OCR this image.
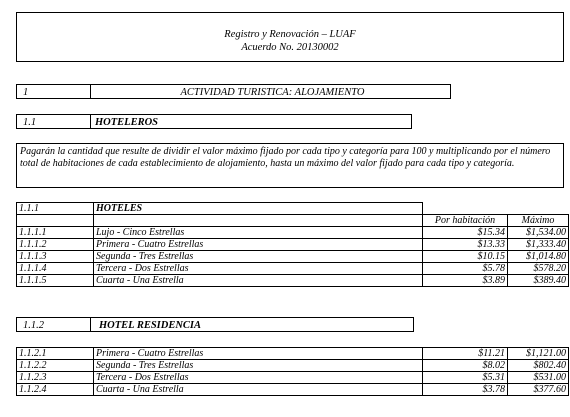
Registro y Renovación – LUAF
Acuerdo No. 20130002
1	ACTIVIDAD TURISTICA: ALOJAMIENTO
1.1	HOTELEROS
Pagarán la cantidad que resulte de dividir el valor máximo fijado por cada tipo y categoría para 100 y multiplicando por el número total de habitaciones de cada establecimiento de alojamiento, hasta un máximo del valor fijado para cada tipo y categoría.
1.1.1	HOTELES		
		Por habitación	Máximo
1.1.1.1	Lujo - Cinco Estrellas	$15.34	$1,534.00
1.1.1.2	Primera - Cuatro Estrellas	$13.33	$1,333.40
1.1.1.3	Segunda - Tres Estrellas	$10.15	$1,014.80
1.1.1.4	Tercera - Dos Estrellas	$5.78	$578.20
1.1.1.5	Cuarta - Una Estrella	$3.89	$389.40
1.1.2	HOTEL RESIDENCIA
1.1.2.1	Primera - Cuatro Estrellas	$11.21	$1,121.00
1.1.2.2	Segunda - Tres Estrellas	$8.02	$802.40
1.1.2.3	Tercera - Dos Estrellas	$5.31	$531.00
1.1.2.4	Cuarta - Una Estrella	$3.78	$377.60
